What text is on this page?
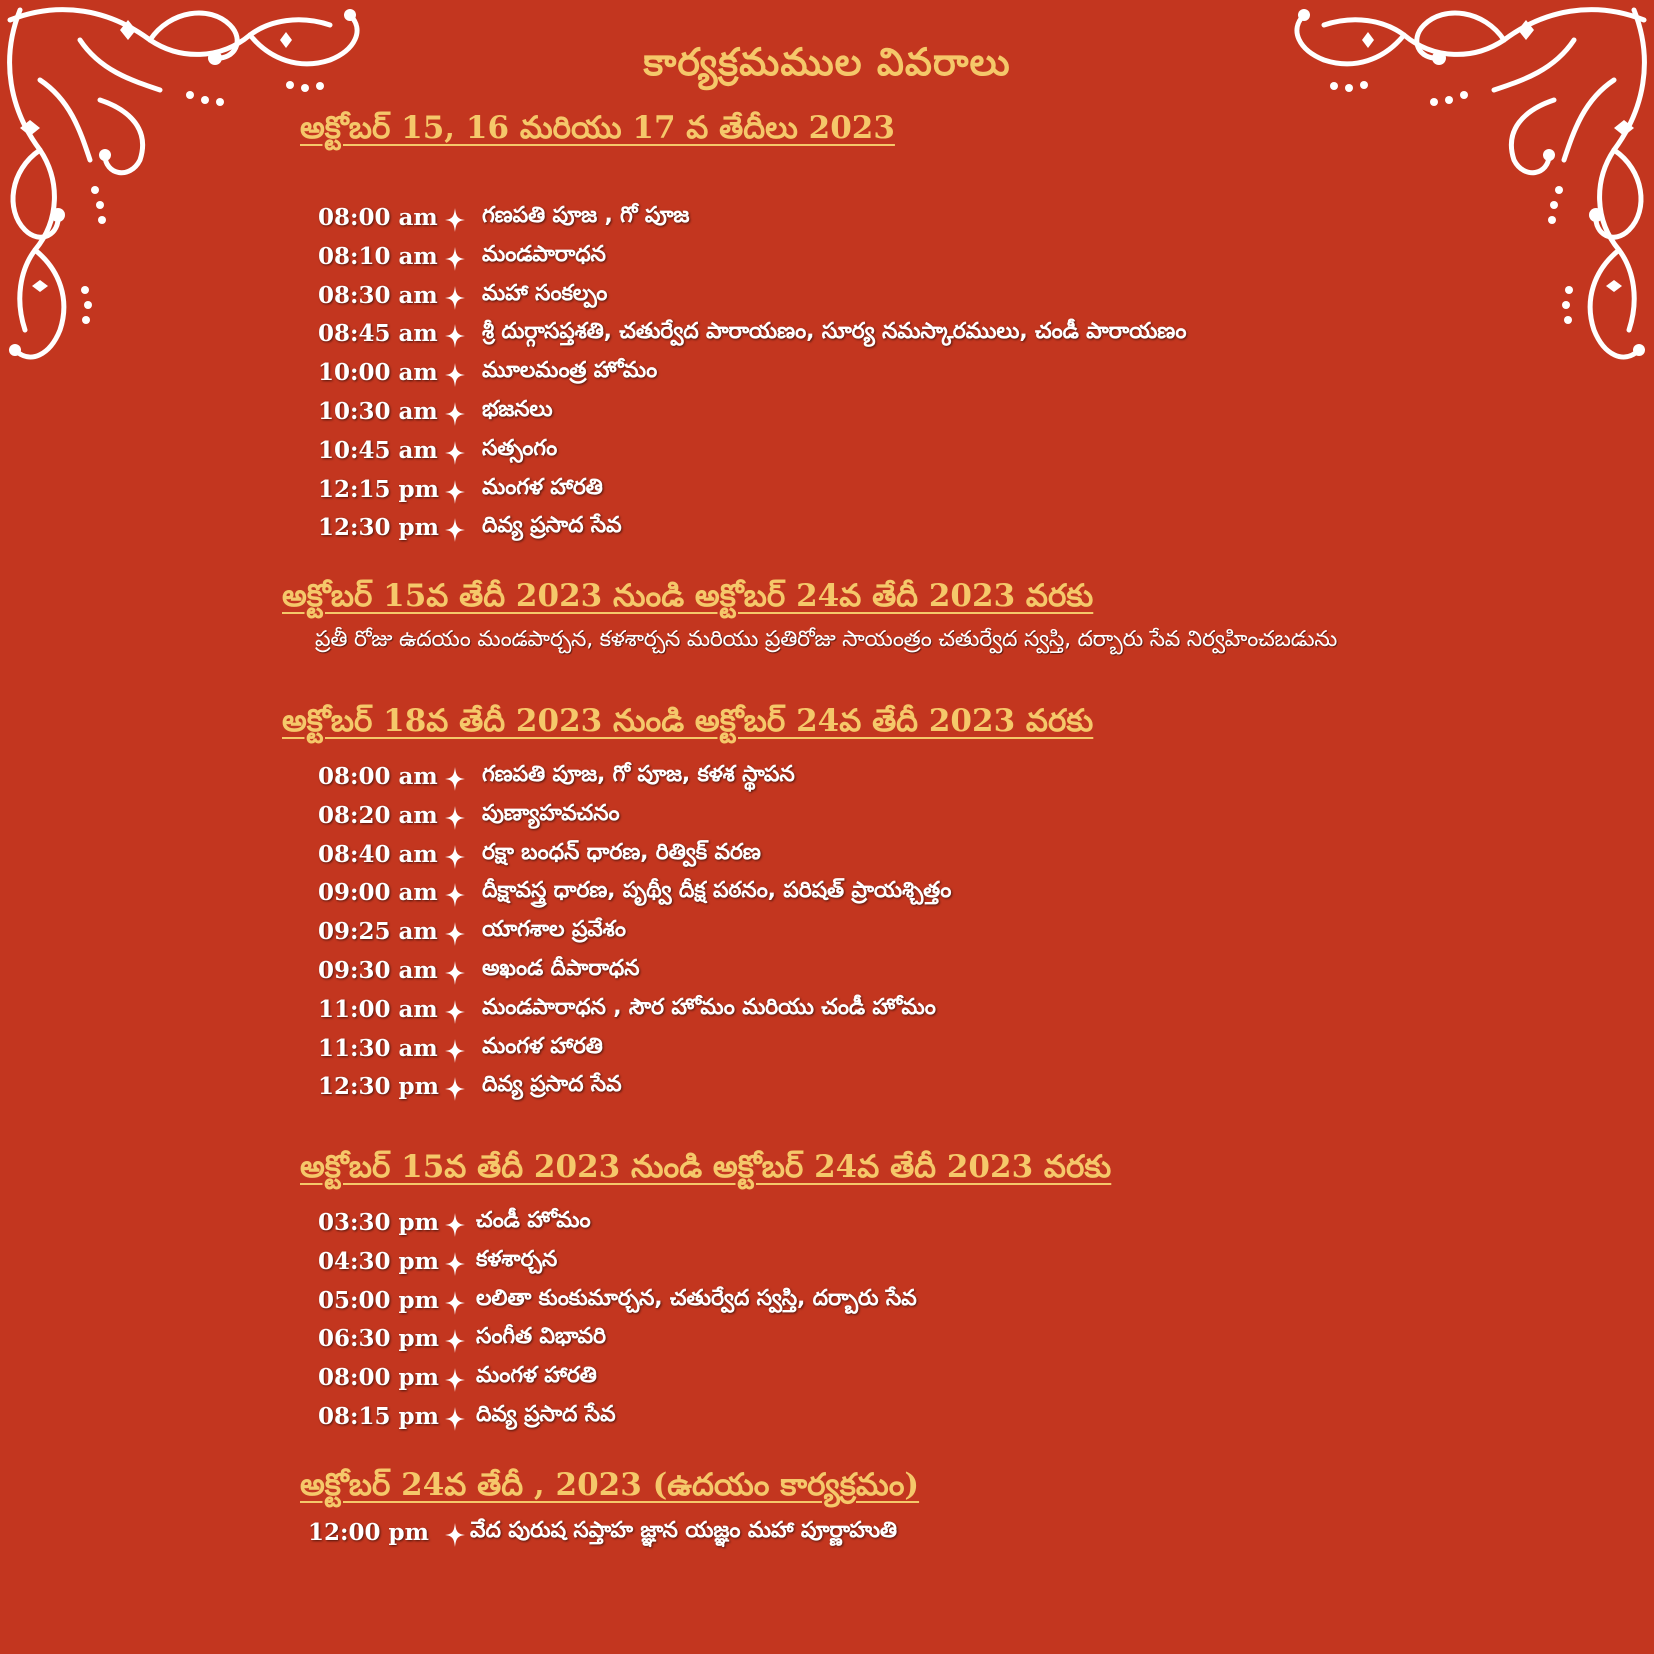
కార్యక్రమముల వివరాలు
అక్టోబర్ 15, 16 మరియు 17 వ తేదీలు 2023
08:00 am గణపతి పూజ , గో పూజ
08:10 am మండపారాధన
08:30 am మహా సంకల్పం
08:45 am శ్రీ దుర్గాసప్తశతి, చతుర్వేద పారాయణం, సూర్య నమస్కారములు, చండీ పారాయణం
10:00 am మూలమంత్ర హోమం
10:30 am భజనలు
10:45 am సత్సంగం
12:15 pm మంగళ హారతి
12:30 pm దివ్య ప్రసాద సేవ
అక్టోబర్ 15వ తేదీ 2023 నుండి అక్టోబర్ 24వ తేదీ 2023 వరకు
ప్రతీ రోజు ఉదయం మండపార్చన, కళశార్చన మరియు ప్రతిరోజు సాయంత్రం చతుర్వేద స్వస్తి, దర్బారు సేవ నిర్వహించబడును
అక్టోబర్ 18వ తేదీ 2023 నుండి అక్టోబర్ 24వ తేదీ 2023 వరకు
08:00 am గణపతి పూజ, గో పూజ, కళశ స్థాపన
08:20 am పుణ్యాహవచనం
08:40 am రక్షా బంధన్ ధారణ, రిత్విక్ వరణ
09:00 am దీక్షావస్త్ర ధారణ, పృథ్వీ దీక్ష పఠనం, పరిషత్ ప్రాయశ్చిత్తం
09:25 am యాగశాల ప్రవేశం
09:30 am అఖండ దీపారాధన
11:00 am మండపారాధన , సౌర హోమం మరియు చండీ హోమం
11:30 am మంగళ హారతి
12:30 pm దివ్య ప్రసాద సేవ
అక్టోబర్ 15వ తేదీ 2023 నుండి అక్టోబర్ 24వ తేదీ 2023 వరకు
03:30 pm చండీ హోమం
04:30 pm కళశార్చన
05:00 pm లలితా కుంకుమార్చన, చతుర్వేద స్వస్తి, దర్బారు సేవ
06:30 pm సంగీత విభావరి
08:00 pm మంగళ హారతి
08:15 pm దివ్య ప్రసాద సేవ
అక్టోబర్ 24వ తేదీ , 2023 (ఉదయం కార్యక్రమం)
12:00 pm వేద పురుష సప్తాహ జ్ఞాన యజ్ఞం మహా పూర్ణాహుతి
